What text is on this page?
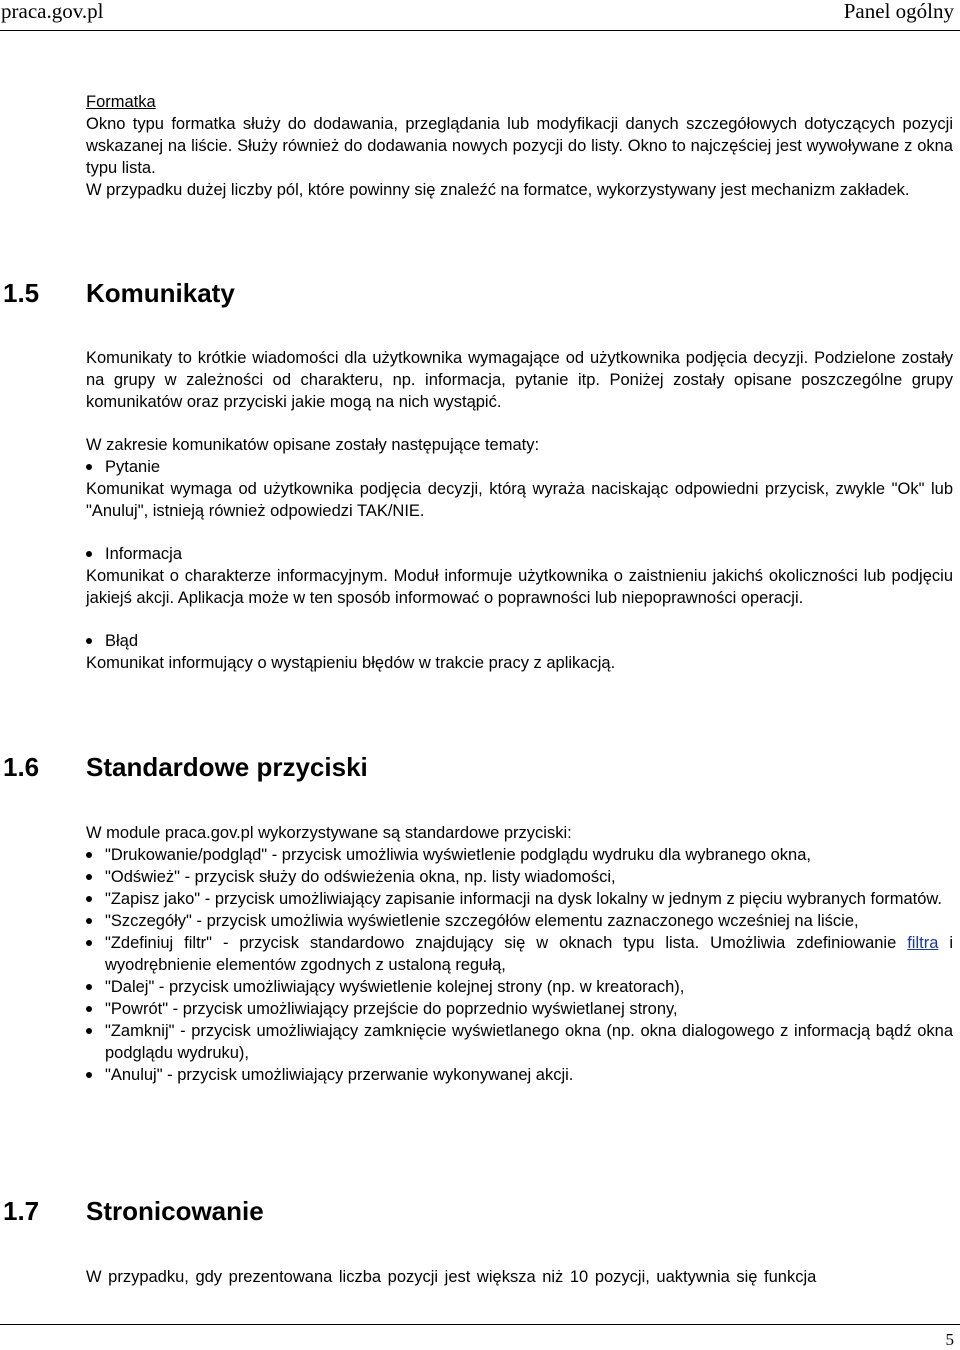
praca.gov.pl	Panel ogólny

Formatka

Okno typu formatka służy do dodawania, przeglądania lub modyfikacji danych szczegółowych dotyczących pozycji wskazanej na liście. Służy również do dodawania nowych pozycji do listy. Okno to najczęściej jest wywoływane z okna typu lista.

W przypadku dużej liczby pól, które powinny się znaleźć na formatce, wykorzystywany jest mechanizm zakładek.

1.5 Komunikaty

Komunikaty to krótkie wiadomości dla użytkownika wymagające od użytkownika podjęcia decyzji. Podzielone zostały na grupy w zależności od charakteru, np. informacja, pytanie itp. Poniżej zostały opisane poszczególne grupy komunikatów oraz przyciski jakie mogą na nich wystąpić.

W zakresie komunikatów opisane zostały następujące tematy:

Pytanie

Komunikat wymaga od użytkownika podjęcia decyzji, którą wyraża naciskając odpowiedni przycisk, zwykle "Ok" lub "Anuluj", istnieją również odpowiedzi TAK/NIE.

Informacja

Komunikat o charakterze informacyjnym. Moduł informuje użytkownika o zaistnieniu jakichś okoliczności lub podjęciu jakiejś akcji. Aplikacja może w ten sposób informować o poprawności lub niepoprawności operacji.

Błąd

Komunikat informujący o wystąpieniu błędów w trakcie pracy z aplikacją.

1.6 Standardowe przyciski

W module praca.gov.pl wykorzystywane są standardowe przyciski:

"Drukowanie/podgląd" - przycisk umożliwia wyświetlenie podglądu wydruku dla wybranego okna,
"Odśwież" - przycisk służy do odświeżenia okna, np. listy wiadomości,
"Zapisz jako" - przycisk umożliwiający zapisanie informacji na dysk lokalny w jednym z pięciu wybranych formatów.
"Szczegóły" - przycisk umożliwia wyświetlenie szczegółów elementu zaznaczonego wcześniej na liście,
"Zdefiniuj filtr" - przycisk standardowo znajdujący się w oknach typu lista. Umożliwia zdefiniowanie filtra i wyodrębnienie elementów zgodnych z ustaloną regułą,
"Dalej" - przycisk umożliwiający wyświetlenie kolejnej strony (np. w kreatorach),
"Powrót" - przycisk umożliwiający przejście do poprzednio wyświetlanej strony,
"Zamknij" - przycisk umożliwiający zamknięcie wyświetlanego okna (np. okna dialogowego z informacją bądź okna podglądu wydruku),
"Anuluj" - przycisk umożliwiający przerwanie wykonywanej akcji.
1.7 Stronicowanie

W przypadku, gdy prezentowana liczba pozycji jest większa niż 10 pozycji, uaktywnia się funkcja

5
